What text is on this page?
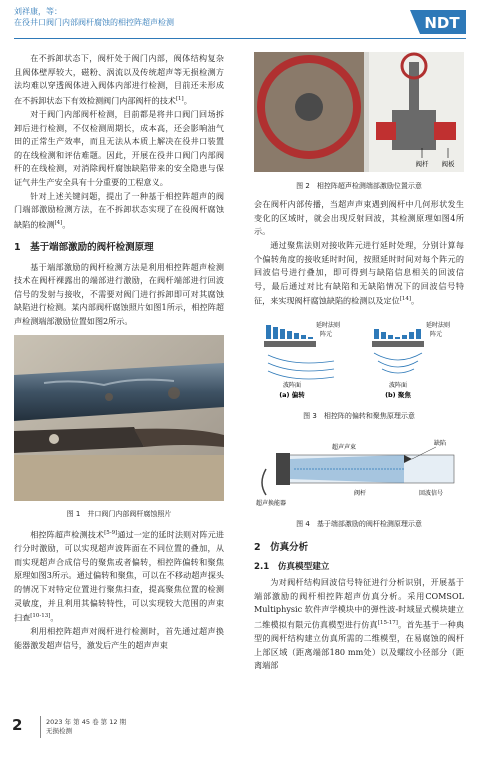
刘祥康，等：
在役井口阀门内部阀杆腐蚀的相控阵超声检测	NDT

在不拆卸状态下，阀杆处于阀门内部，阀体结构复杂且阀体壁厚较大，磁粉、涡流以及传统超声等无损检测方法均难以穿透阀体进入阀体内部进行检测，目前还未形成在不拆卸状态下有效检测阀门内部阀杆的技术[1]。

对于阀门内部阀杆检测，目前都是将井口阀门回场拆卸后进行检测，不仅检测周期长，成本高，还会影响油气田的正常生产效率，而且无法从本质上解决在役井口装置的在线检测和评估难题。因此，开展在役井口阀门内部阀杆的在线检测，对消除阀杆腐蚀缺陷带来的安全隐患与保证气井生产安全具有十分重要的工程意义。

针对上述关键问题，提出了一种基于相控阵超声的阀门端部激励检测方法，在不拆卸状态实现了在役阀杆腐蚀缺陷的检测[4]。

1　基于端部激励的阀杆检测原理

基于端部激励的阀杆检测方法是利用相控阵超声检测技术在阀杆裸露出的端部进行激励，在阀杆端部进行回波信号的发射与接收，不需要对阀门进行拆卸即可对其腐蚀缺陷进行检测。某内部阀杆腐蚀照片如图1所示，相控阵超声检测端部激励位置如图2所示。

图 1　井口阀门内部阀杆腐蚀照片

相控阵超声检测技术[5-9]通过一定的延时法则对阵元进行分时激励，可以实现超声波阵面在不同位置的叠加，从而实现超声合成信号的聚焦或者偏转，相控阵偏转和聚焦原理如图3所示。通过偏转和聚焦，可以在不移动超声探头的情况下对特定位置进行聚焦扫查，提高聚焦位置的检测灵敏度，并且利用其偏转特性，可以实现较大范围的声束扫查[10-13]。

利用相控阵超声对阀杆进行检测时，首先通过超声换能器激发超声信号，激发后产生的超声声束

阀杆 阀板
图 2　相控阵超声检测端部激励位置示意

会在阀杆内部传播，当超声声束遇到阀杆中几何形状发生变化的区域时，就会出现反射回波，其检测原理如图4所示。

通过聚焦法则对接收阵元进行延时处理，分别计算每个偏转角度的接收延时时间，按照延时时间对每个阵元的回波信号进行叠加，即可得到与缺陷信息相关的回波信号，最后通过对比有缺陷和无缺陷情况下的回波信号特征，来实现阀杆腐蚀缺陷的检测以及定位[14]。

延时法则
阵元
波阵面
(a) 偏转
延时法则
阵元
波阵面
(b) 聚焦
图 3　相控阵的偏转和聚焦原理示意
超声声束
缺陷
回波信号
阀杆
超声换能器
图 4　基于端部激励的阀杆检测原理示意
2　仿真分析
2.1　仿真模型建立

为对阀杆结构回波信号特征进行分析识别，开展基于端部激励的阀杆相控阵超声仿真分析。采用COMSOL Multiphysic 软件声学模块中的弹性波-时域显式模块建立二维模拟有限元仿真模型进行仿真[15-17]。首先基于一种典型的阀杆结构建立仿真所需的二维模型，在易腐蚀的阀杆上部区域（距离端部180 mm处）以及螺纹小径部分（距离端部

2	2023 年 第 45 卷 第 12 期
无损检测
